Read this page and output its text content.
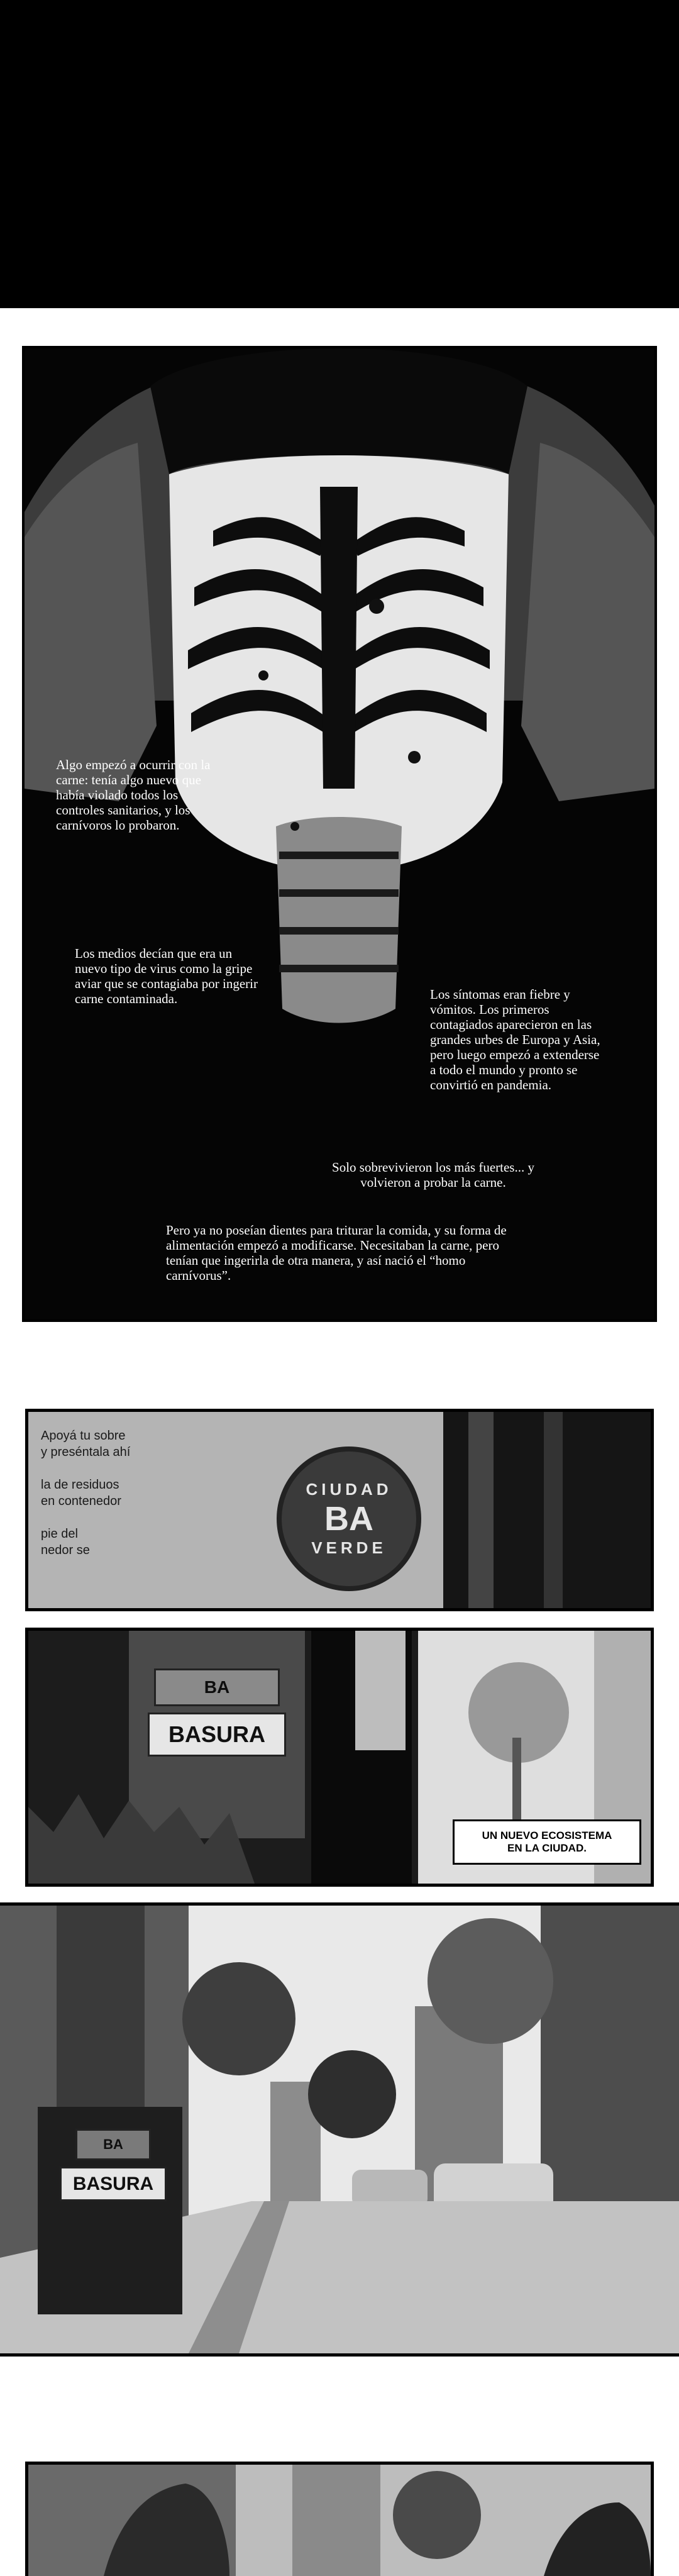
Algo empezó a ocurrir con la carne: tenía algo nuevo que había violado todos los controles sanitarios, y los carnívoros lo probaron.

Los medios decían que era un nuevo tipo de virus como la gripe aviar que se contagiaba por ingerir carne contaminada.	Los síntomas eran fiebre y vómitos. Los primeros contagiados aparecieron en las grandes urbes de Europa y Asia, pero luego empezó a extenderse a todo el mundo y pronto se convirtió en pandemia.

Solo sobrevivieron los más fuertes... y volvieron a probar la carne.

Pero ya no poseían dientes para triturar la comida, y su forma de alimentación empezó a modificarse. Necesitaban la carne, pero tenían que ingerirla de otra manera, y así nació el “homo carnívorus”.

Apoyá tu sobre
y preséntala ahí

la de residuos
en contenedor

pie del
nedor se
CIUDAD
BA
VERDE
BA
BASURA
UN NUEVO ECOSISTEMA
EN LA CIUDAD.
BA
BASURA
